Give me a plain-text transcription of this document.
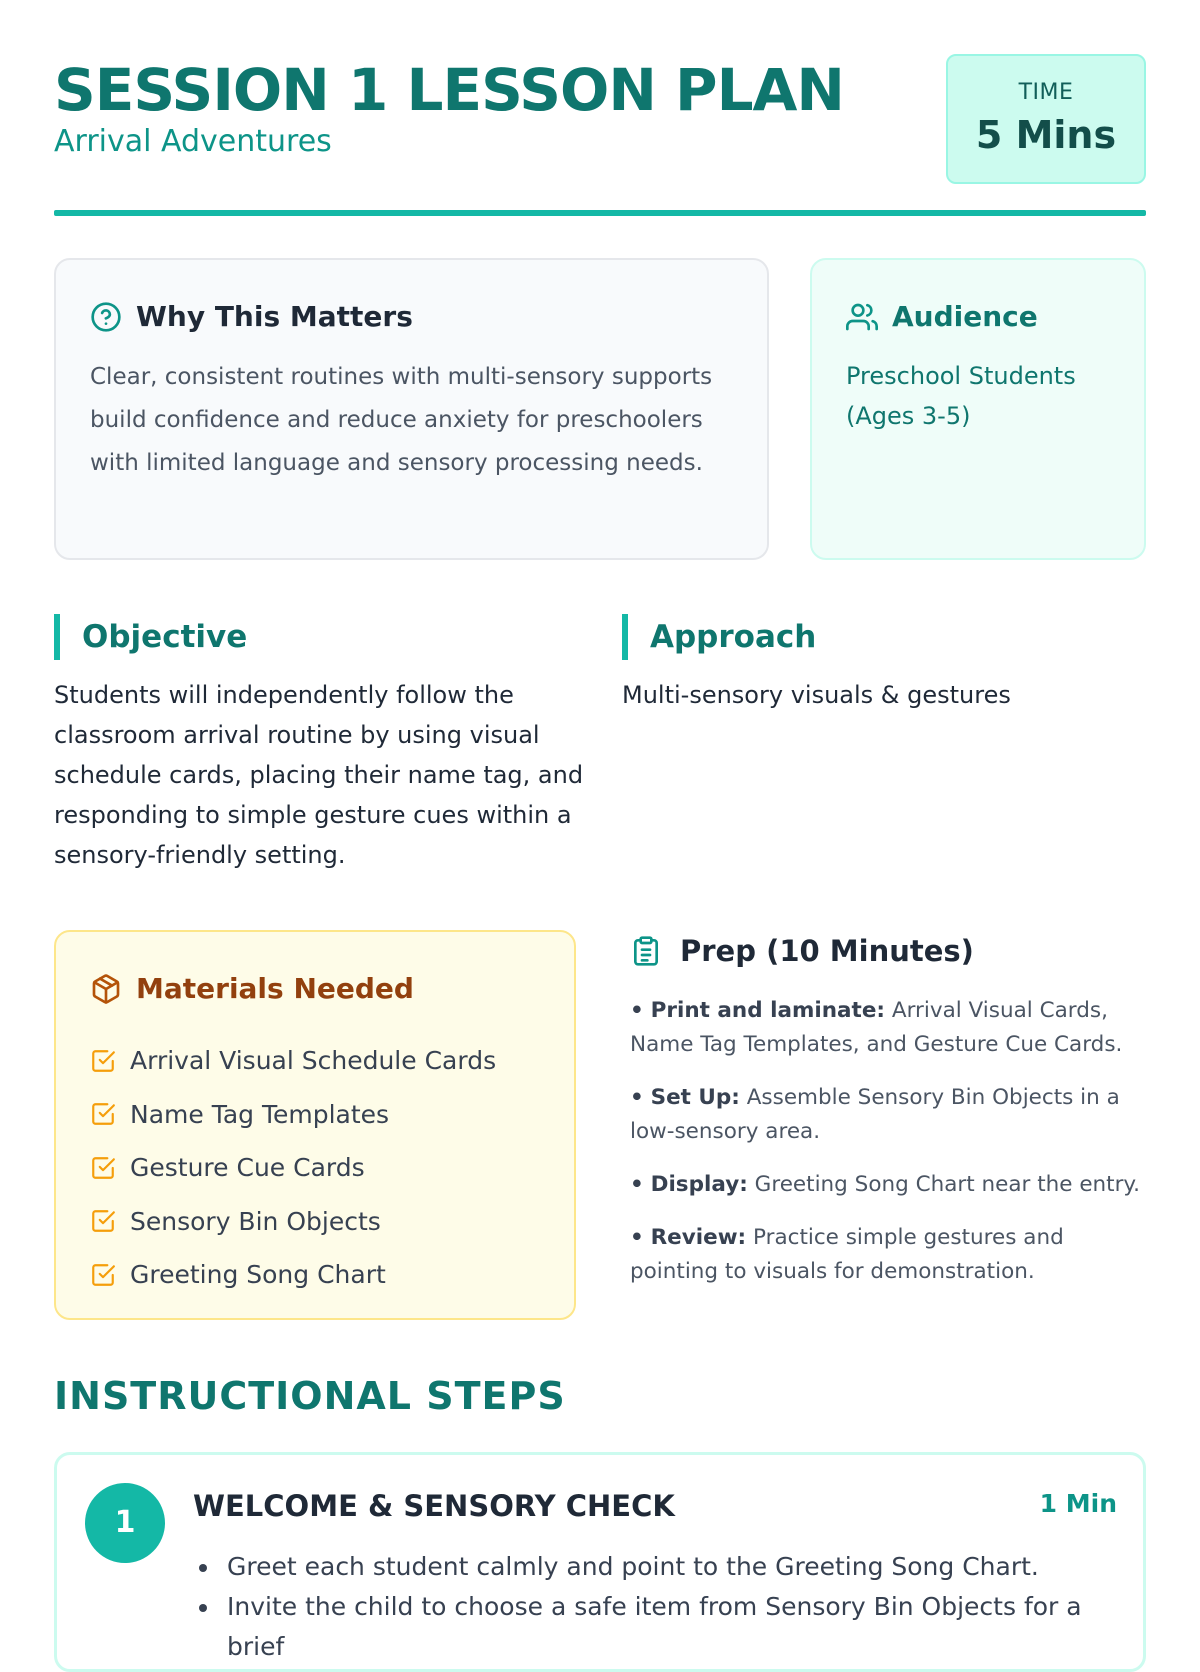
SESSION 1 LESSON PLAN
Arrival Adventures
TIME
5 Mins
Why This Matters

Clear, consistent routines with multi-sensory supports build confidence and reduce anxiety for preschoolers with limited language and sensory processing needs.

Audience
Preschool Students
(Ages 3-5)
Objective

Students will independently follow the classroom arrival routine by using visual schedule cards, placing their name tag, and responding to simple gesture cues within a sensory-friendly setting.

Approach

Multi-sensory visuals & gestures

Materials Needed
Arrival Visual Schedule Cards
Name Tag Templates
Gesture Cue Cards
Sensory Bin Objects
Greeting Song Chart
Prep (10 Minutes)
• Print and laminate: Arrival Visual Cards, Name Tag Templates, and Gesture Cue Cards.
• Set Up: Assemble Sensory Bin Objects in a low-sensory area.
• Display: Greeting Song Chart near the entry.
• Review: Practice simple gestures and pointing to visuals for demonstration.
INSTRUCTIONAL STEPS
1	WELCOME & SENSORY CHECK	1 Min
Greet each student calmly and point to the Greeting Song Chart.
Invite the child to choose a safe item from Sensory Bin Objects for a brief
